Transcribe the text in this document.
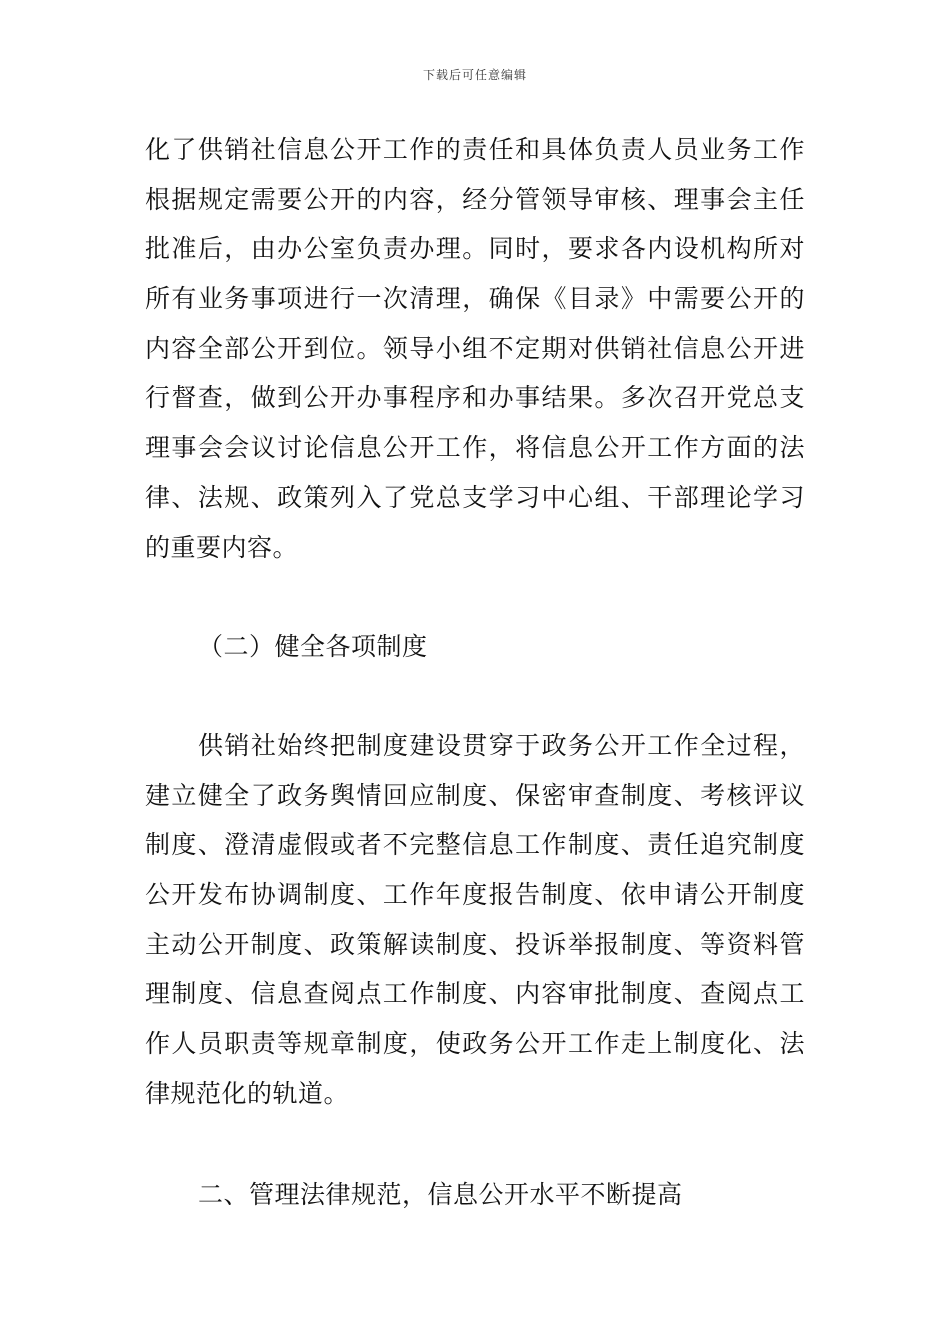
下载后可任意编辑
化了供销社信息公开工作的责任和具体负责人员业务工作
根据规定需要公开的内容，经分管领导审核、理事会主任
批准后，由办公室负责办理。同时，要求各内设机构所对
所有业务事项进行一次清理，确保《目录》中需要公开的
内容全部公开到位。领导小组不定期对供销社信息公开进
行督查，做到公开办事程序和办事结果。多次召开党总支
理事会会议讨论信息公开工作，将信息公开工作方面的法
律、法规、政策列入了党总支学习中心组、干部理论学习
的重要内容。
（二）健全各项制度
供销社始终把制度建设贯穿于政务公开工作全过程，
建立健全了政务舆情回应制度、保密审查制度、考核评议
制度、澄清虚假或者不完整信息工作制度、责任追究制度
公开发布协调制度、工作年度报告制度、依申请公开制度
主动公开制度、政策解读制度、投诉举报制度、等资料管
理制度、信息查阅点工作制度、内容审批制度、查阅点工
作人员职责等规章制度，使政务公开工作走上制度化、法
律规范化的轨道。
二、管理法律规范，信息公开水平不断提高
